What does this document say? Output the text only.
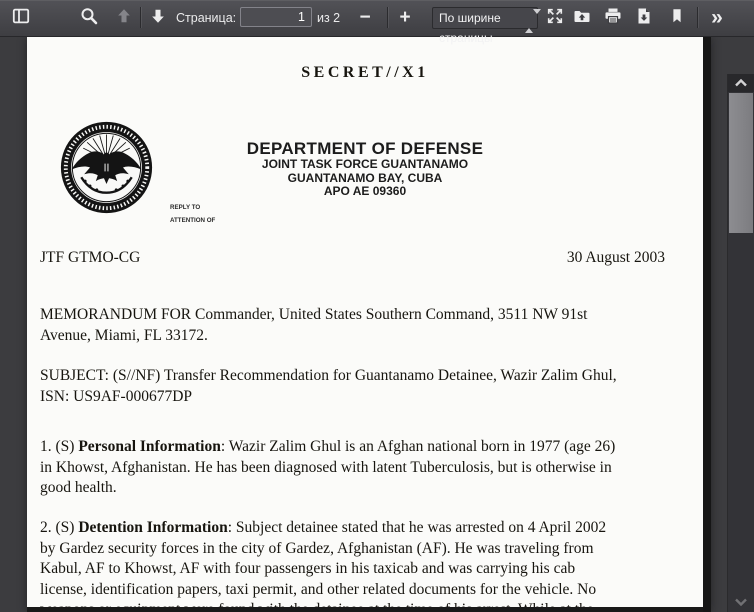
Страница:
1	из 2	−	+	По ширине страницы
»
SECRET//X1
DEPARTMENT OF DEFENSE
JOINT TASK FORCE GUANTANAMO
GUANTANAMO BAY, CUBA
APO AE 09360
REPLY TO
ATTENTION OF
JTF GTMO-CG	30 August 2003
MEMORANDUM FOR Commander, United States Southern Command, 3511 NW 91st
Avenue, Miami, FL 33172.
SUBJECT: (S//NF) Transfer Recommendation for Guantanamo Detainee, Wazir Zalim Ghul,
ISN: US9AF-000677DP
1. (S) Personal Information: Wazir Zalim Ghul is an Afghan national born in 1977 (age 26)
in Khowst, Afghanistan. He has been diagnosed with latent Tuberculosis, but is otherwise in
good health.
2. (S) Detention Information: Subject detainee stated that he was arrested on 4 April 2002
by Gardez security forces in the city of Gardez, Afghanistan (AF). He was traveling from
Kabul, AF to Khowst, AF with four passengers in his taxicab and was carrying his cab
license, identification papers, taxi permit, and other related documents for the vehicle. No
